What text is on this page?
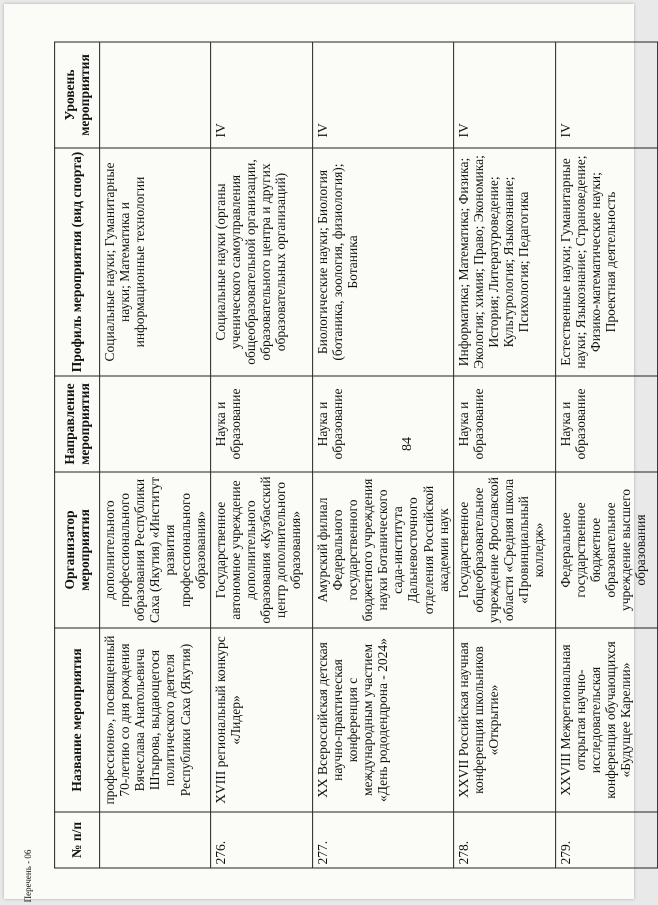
84
Перечень - 06
№ п/п	Название мероприятия	Организатор мероприятия	Направление мероприятия	Профиль мероприятия (вид спорта)	Уровень мероприятия
	профессионо», посвященный 70-летию со дня рождения Вячеслава Анатольевича Штырова, выдающегося политического деятеля Республики Саха (Якутия)	дополнительного профессионального образования Республики Саха (Якутия) «Институт развития профессионального образования»		Социальные науки; Гуманитарные науки; Математика и информационные технологии	
276.	XVIII региональный конкурс «Лидер»	Государственное автономное учреждение дополнительного образования «Кузбасский центр дополнительного образования»	Наука и образование	Социальные науки (органы ученического самоуправления общеобразовательной организации, образовательного центра и других образовательных организаций)	IV
277.	XX Всероссийская детская научно-практическая конференция с международным участием «День рододендрона - 2024»	Амурский филиал Федерального государственного бюджетного учреждения науки Ботанического сада-института Дальневосточного отделения Российской академии наук	Наука и образование	Биологические науки; Биология (ботаника, зоология, физиология); Ботаника	IV
278.	XXVII Российская научная конференция школьников «Открытие»	Государственное общеобразовательное учреждение Ярославской области «Средняя школа «Провинциальный колледж»	Наука и образование	Информатика; Математика; Физика; Экология; химия; Право; Экономика; История; Литературоведение; Культурология; Языкознание; Психология; Педагогика	IV
279.	XXVIII Межрегиональная открытая научно-исследовательская конференция обучающихся «Будущее Карелии»	Федеральное государственное бюджетное образовательное учреждение высшего образования	Наука и образование	Естественные науки; Гуманитарные науки; Языкознание; Страноведение; Физико-математические науки; Проектная деятельность	IV
